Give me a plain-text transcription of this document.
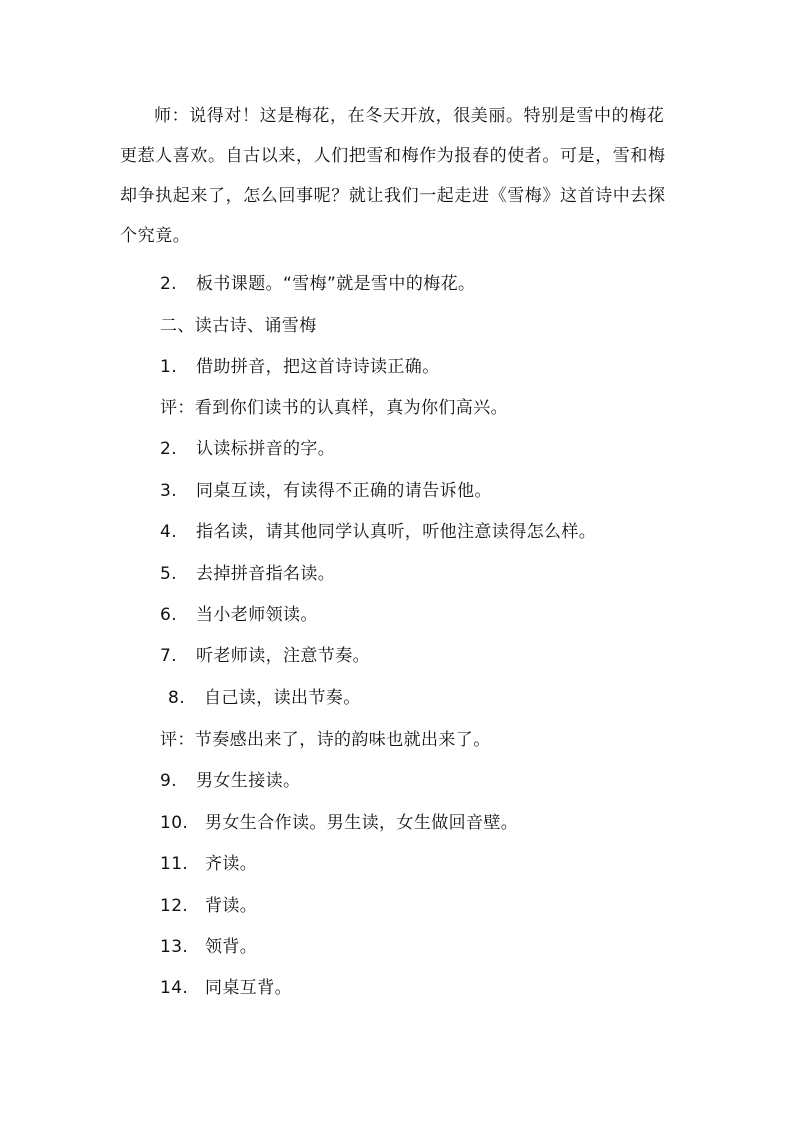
师：说得对！这是梅花，在冬天开放，很美丽。特别是雪中的梅花更惹人喜欢。自古以来，人们把雪和梅作为报春的使者。可是，雪和梅却争执起来了，怎么回事呢？就让我们一起走进《雪梅》这首诗中去探个究竟。

2. 板书课题。“雪梅”就是雪中的梅花。
二、读古诗、诵雪梅
1. 借助拼音，把这首诗诗读正确。
评：看到你们读书的认真样，真为你们高兴。
2. 认读标拼音的字。
3. 同桌互读，有读得不正确的请告诉他。
4. 指名读，请其他同学认真听，听他注意读得怎么样。
5. 去掉拼音指名读。
6. 当小老师领读。
7. 听老师读，注意节奏。
8. 自己读，读出节奏。
评：节奏感出来了，诗的韵味也就出来了。
9. 男女生接读。
10. 男女生合作读。男生读，女生做回音壁。
11. 齐读。
12. 背读。
13. 领背。
14. 同桌互背。
